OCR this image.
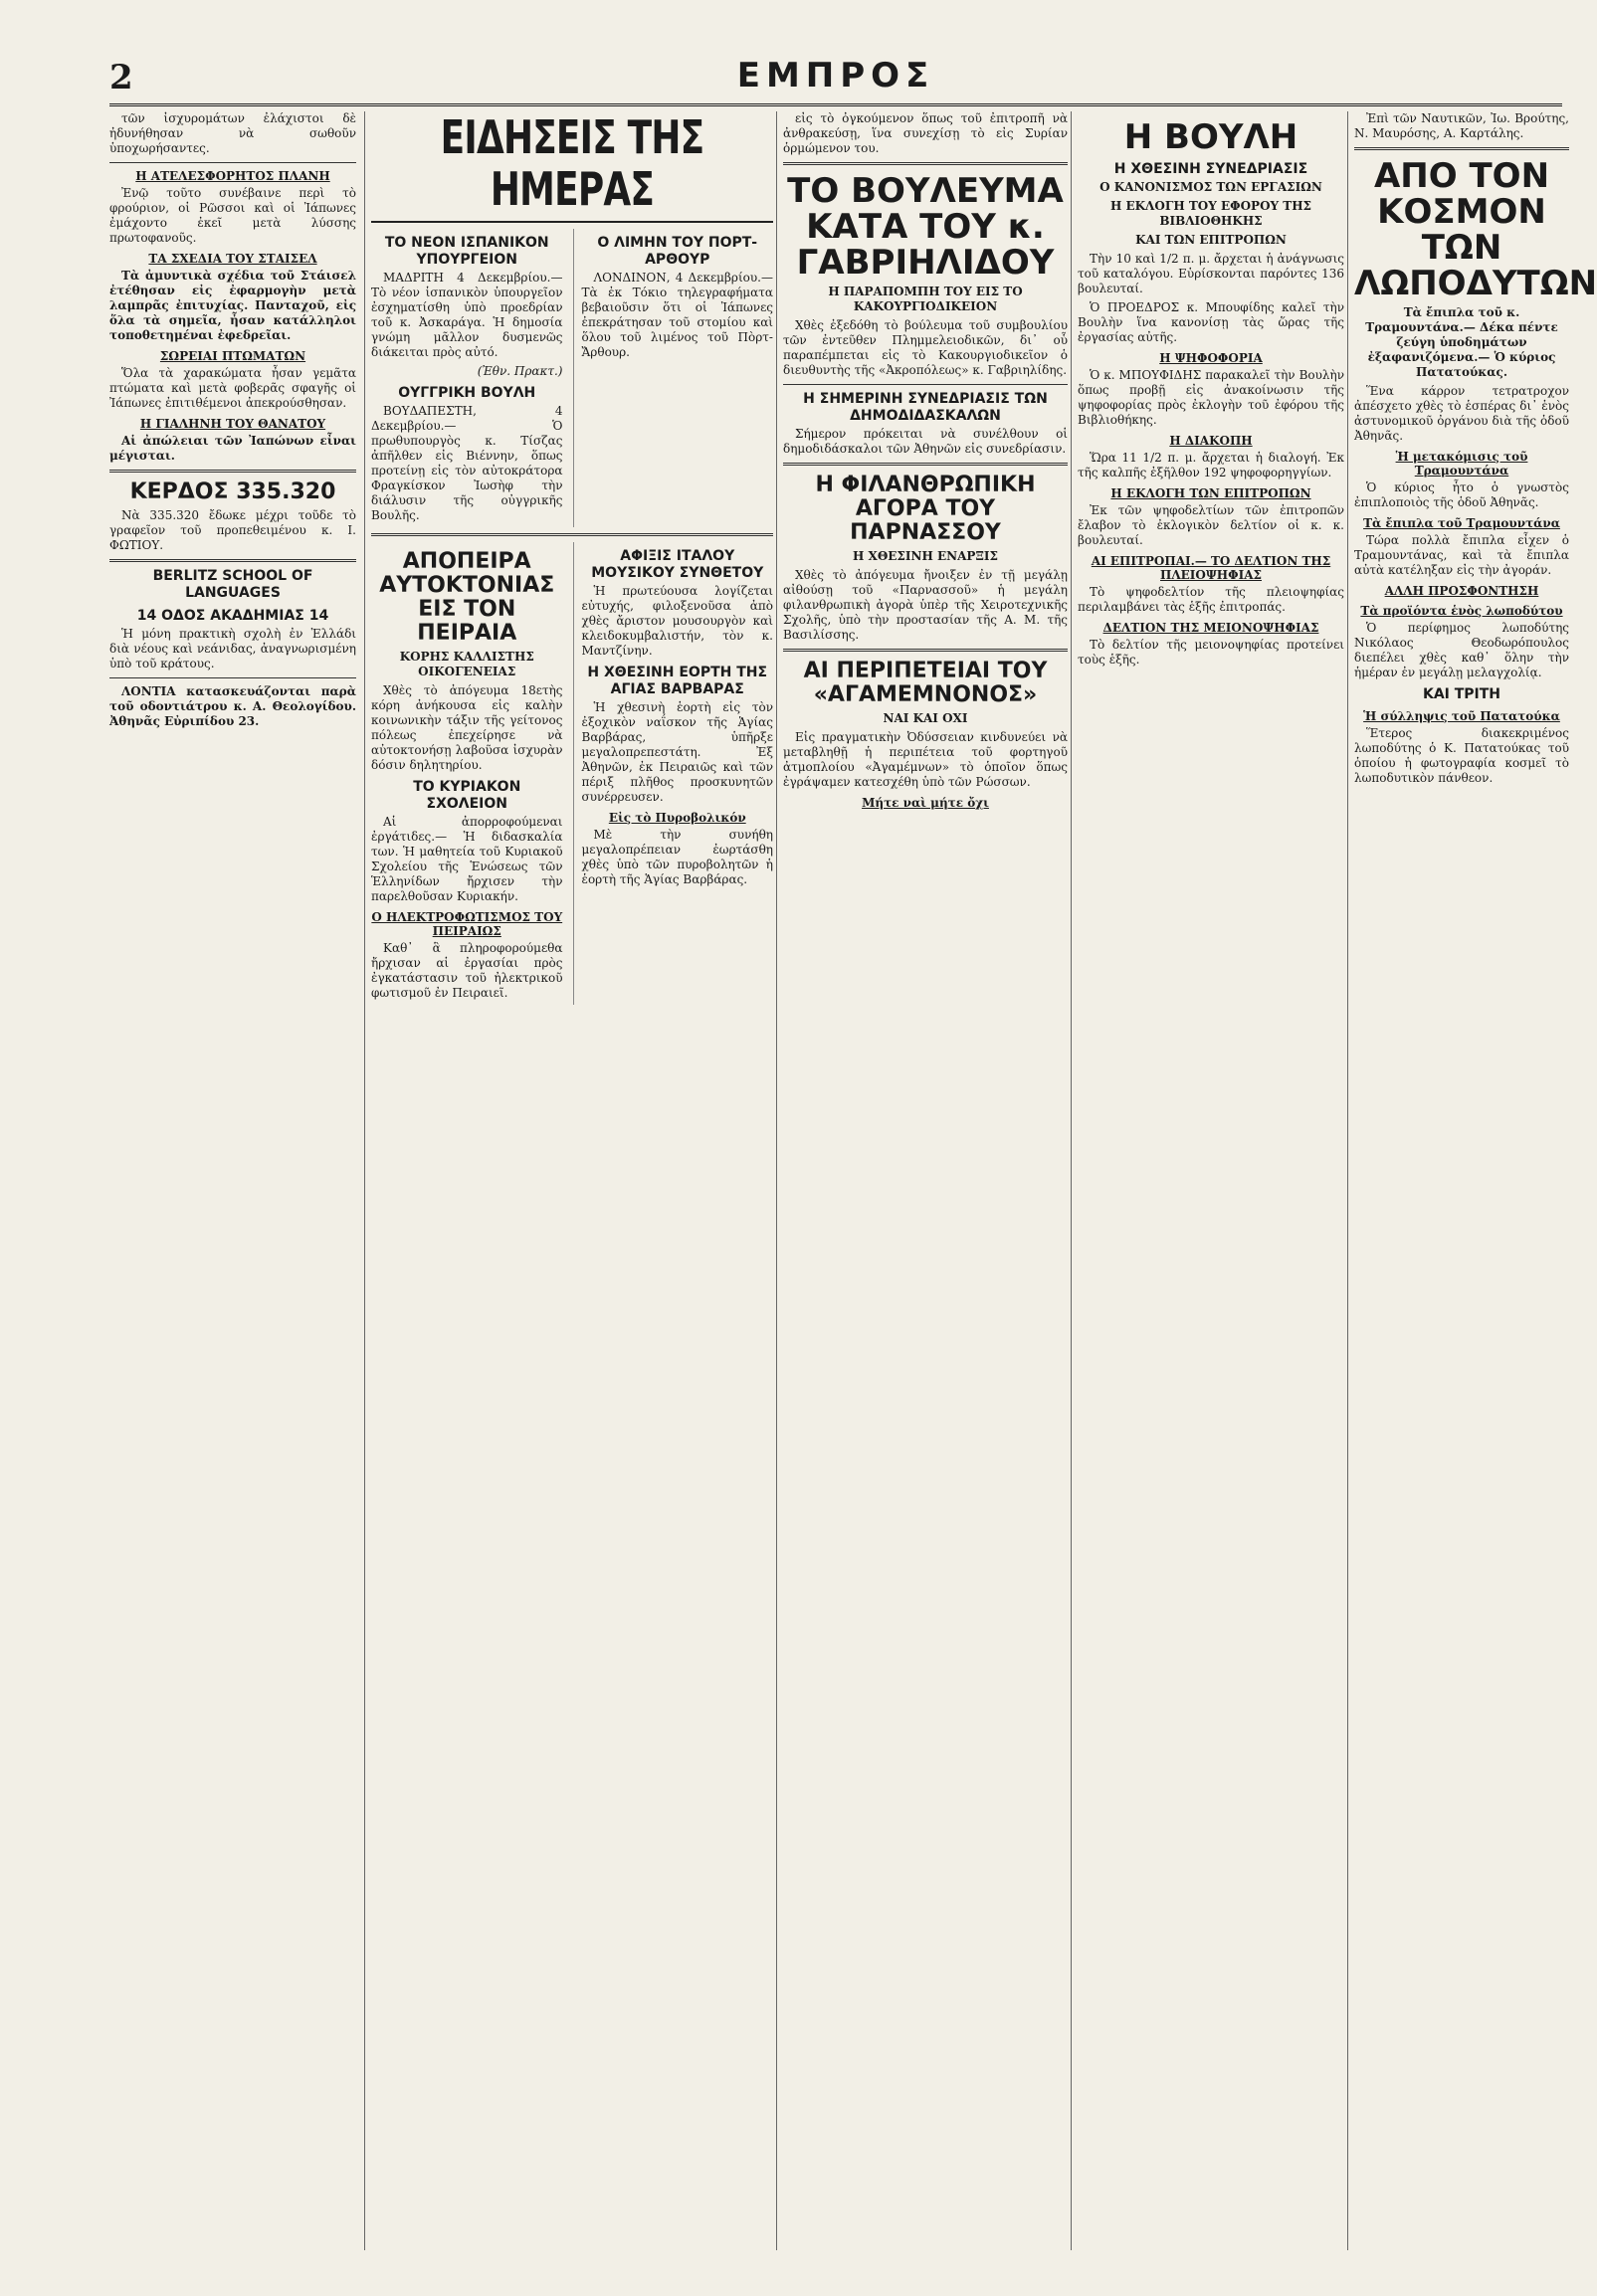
2	ΕΜΠΡΟΣ

τῶν ἰσχυρομάτων ἐλάχιστοι δὲ ἠδυνήθησαν νὰ σωθοῦν ὑποχωρήσαντες.

Η ΑΤΕΛΕΣΦΟΡΗΤΟΣ ΠΛΑΝΗ

Ἐνῷ τοῦτο συνέβαινε περὶ τὸ φρούριον, οἱ Ρῶσσοι καὶ οἱ Ἰάπωνες ἐμάχοντο ἐκεῖ μετὰ λύσσης πρωτοφανοῦς.

ΤΑ ΣΧΕΔΙΑ ΤΟΥ ΣΤΑΙΣΕΛ

Τὰ ἀμυντικὰ σχέδια τοῦ Στάισελ ἐτέθησαν εἰς ἐφαρμογὴν μετὰ λαμπρᾶς ἐπιτυχίας. Πανταχοῦ, εἰς ὅλα τὰ σημεῖα, ἦσαν κατάλληλοι τοποθετημέναι ἐφεδρεῖαι.

ΣΩΡΕΙΑΙ ΠΤΩΜΑΤΩΝ

Ὅλα τὰ χαρακώματα ἦσαν γεμᾶτα πτώματα καὶ μετὰ φοβερᾶς σφαγῆς οἱ Ἰάπωνες ἐπιτιθέμενοι ἀπεκρούσθησαν.

Η ΓΙΑΛΗΝΗ ΤΟΥ ΘΑΝΑΤΟΥ

Αἱ ἀπώλειαι τῶν Ἰαπώνων εἶναι μέγισται.

ΚΕΡΔΟΣ 335.320

Νὰ 335.320 ἔδωκε μέχρι τοῦδε τὸ γραφεῖον τοῦ προπεθειμένου κ. Ι. ΦΩΤΙΟΥ.

BERLITZ SCHOOL OF LANGUAGES
14 ΟΔΟΣ ΑΚΑΔΗΜΙΑΣ 14

Ἡ μόνη πρακτικὴ σχολὴ ἐν Ἑλλάδι διὰ νέους καὶ νεάνιδας, ἀναγνωρισμένη ὑπὸ τοῦ κράτους.

ΛΟΝΤΙΑ κατασκευάζονται παρὰ τοῦ οδοντιάτρου κ. Α. Θεολογίδου. Ἀθηνᾶς Εὐριπίδου 23.

ΕΙΔΗΣΕΙΣ ΤΗΣ ΗΜΕΡΑΣ
ΤΟ ΝΕΟΝ ΙΣΠΑΝΙΚΟΝ ΥΠΟΥΡΓΕΙΟΝ

ΜΑΔΡΙΤΗ 4 Δεκεμβρίου.— Τὸ νέον ἱσπανικὸν ὑπουργεῖον ἐσχηματίσθη ὑπὸ προεδρίαν τοῦ κ. Ἀσκαράγα. Ἡ δημοσία γνώμη μᾶλλον δυσμενῶς διάκειται πρὸς αὐτό.

(Ἐθν. Πρακτ.)

ΟΥΓΓΡΙΚΗ ΒΟΥΛΗ

ΒΟΥΔΑΠΕΣΤΗ, 4 Δεκεμβρίου.— Ὁ πρωθυπουργὸς κ. Τίσζας ἀπῆλθεν εἰς Βιέννην, ὅπως προτείνῃ εἰς τὸν αὐτοκράτορα Φραγκίσκον Ἰωσὴφ τὴν διάλυσιν τῆς οὐγγρικῆς Βουλῆς.

Ο ΛΙΜΗΝ ΤΟΥ ΠΟΡΤ-ΑΡΘΟΥΡ

ΛΟΝΔΙΝΟΝ, 4 Δεκεμβρίου.— Τὰ ἐκ Τόκιο τηλεγραφήματα βεβαιοῦσιν ὅτι οἱ Ἰάπωνες ἐπεκράτησαν τοῦ στομίου καὶ ὅλου τοῦ λιμένος τοῦ Πὸρτ-Ἄρθουρ.

ΑΠΟΠΕΙΡΑ ΑΥΤΟΚΤΟΝΙΑΣ ΕΙΣ ΤΟΝ ΠΕΙΡΑΙΑ
ΚΟΡΗΣ ΚΑΛΛΙΣΤΗΣ ΟΙΚΟΓΕΝΕΙΑΣ

Χθὲς τὸ ἀπόγευμα 18ετὴς κόρη ἀνήκουσα εἰς καλὴν κοινωνικὴν τάξιν τῆς γείτονος πόλεως ἐπεχείρησε νὰ αὐτοκτονήσῃ λαβοῦσα ἰσχυρὰν δόσιν δηλητηρίου.

ΤΟ ΚΥΡΙΑΚΟΝ ΣΧΟΛΕΙΟΝ

Αἱ ἀπορροφούμεναι ἐργάτιδες.— Ἡ διδασκαλία των. Ἡ μαθητεία τοῦ Κυριακοῦ Σχολείου τῆς Ἑνώσεως τῶν Ἑλληνίδων ἤρχισεν τὴν παρελθοῦσαν Κυριακήν.

Ο ΗΛΕΚΤΡΟΦΩΤΙΣΜΟΣ ΤΟΥ ΠΕΙΡΑΙΩΣ

Καθ᾽ ἃ πληροφορούμεθα ἤρχισαν αἱ ἐργασίαι πρὸς ἐγκατάστασιν τοῦ ἠλεκτρικοῦ φωτισμοῦ ἐν Πειραιεῖ.

ΑΦΙΞΙΣ ΙΤΑΛΟΥ ΜΟΥΣΙΚΟΥ ΣΥΝΘΕΤΟΥ

Ἡ πρωτεύουσα λογίζεται εὐτυχής, φιλοξενοῦσα ἀπὸ χθὲς ἄριστον μουσουργὸν καὶ κλειδοκυμβαλιστήν, τὸν κ. Μαντζίνην.

Η ΧΘΕΣΙΝΗ ΕΟΡΤΗ ΤΗΣ ΑΓΙΑΣ ΒΑΡΒΑΡΑΣ

Ἡ χθεσινὴ ἑορτὴ εἰς τὸν ἐξοχικὸν ναΐσκον τῆς Ἁγίας Βαρβάρας, ὑπῆρξε μεγαλοπρεπεστάτη. Ἐξ Ἀθηνῶν, ἐκ Πειραιῶς καὶ τῶν πέριξ πλῆθος προσκυνητῶν συνέρρευσεν.

Εἰς τὸ Πυροβολικόν

Μὲ τὴν συνήθη μεγαλοπρέπειαν ἐωρτάσθη χθὲς ὑπὸ τῶν πυροβολητῶν ἡ ἑορτὴ τῆς Ἁγίας Βαρβάρας.

εἰς τὸ ὀγκούμενον ὅπως τοῦ ἐπιτροπῆ νὰ ἀνθρακεύσῃ, ἵνα συνεχίσῃ τὸ εἰς Συρίαν ὁρμώμενον του.

ΤΟ ΒΟΥΛΕΥΜΑ ΚΑΤΑ ΤΟΥ κ. ΓΑΒΡΙΗΛΙΔΟΥ
Η ΠΑΡΑΠΟΜΠΗ ΤΟΥ ΕΙΣ ΤΟ ΚΑΚΟΥΡΓΙΟΔΙΚΕΙΟΝ

Χθὲς ἐξεδόθη τὸ βούλευμα τοῦ συμβουλίου τῶν ἐντεῦθεν Πλημμελειοδικῶν, δι᾽ οὗ παραπέμπεται εἰς τὸ Κακουργιοδικεῖον ὁ διευθυντὴς τῆς «Ἀκροπόλεως» κ. Γαβριηλίδης.

Η ΣΗΜΕΡΙΝΗ ΣΥΝΕΔΡΙΑΣΙΣ ΤΩΝ ΔΗΜΟΔΙΔΑΣΚΑΛΩΝ

Σήμερον πρόκειται νὰ συνέλθουν οἱ δημοδιδάσκαλοι τῶν Ἀθηνῶν εἰς συνεδρίασιν.

Η ΦΙΛΑΝΘΡΩΠΙΚΗ ΑΓΟΡΑ ΤΟΥ ΠΑΡΝΑΣΣΟΥ
Η ΧΘΕΣΙΝΗ ΕΝΑΡΞΙΣ

Χθὲς τὸ ἀπόγευμα ἤνοιξεν ἐν τῇ μεγάλῃ αἰθούσῃ τοῦ «Παρνασσοῦ» ἡ μεγάλη φιλανθρωπικὴ ἀγορὰ ὑπὲρ τῆς Χειροτεχνικῆς Σχολῆς, ὑπὸ τὴν προστασίαν τῆς Α. Μ. τῆς Βασιλίσσης.

ΑΙ ΠΕΡΙΠΕΤΕΙΑΙ ΤΟΥ «ΑΓΑΜΕΜΝΟΝΟΣ»
ΝΑΙ ΚΑΙ ΟΧΙ

Εἰς πραγματικὴν Ὀδύσσειαν κινδυνεύει νὰ μεταβληθῇ ἡ περιπέτεια τοῦ φορτηγοῦ ἀτμοπλοίου «Ἀγαμέμνων» τὸ ὁποῖον ὅπως ἐγράψαμεν κατεσχέθη ὑπὸ τῶν Ρώσσων.

Μήτε ναὶ μήτε ὄχι
Η ΒΟΥΛΗ
Η ΧΘΕΣΙΝΗ ΣΥΝΕΔΡΙΑΣΙΣ
Ο ΚΑΝΟΝΙΣΜΟΣ ΤΩΝ ΕΡΓΑΣΙΩΝ
Η ΕΚΛΟΓΗ ΤΟΥ ΕΦΟΡΟΥ ΤΗΣ ΒΙΒΛΙΟΘΗΚΗΣ
ΚΑΙ ΤΩΝ ΕΠΙΤΡΟΠΩΝ

Τὴν 10 καὶ 1/2 π. μ. ἄρχεται ἡ ἀνάγνωσις τοῦ καταλόγου. Εὑρίσκονται παρόντες 136 βουλευταί.

Ὁ ΠΡΟΕΔΡΟΣ κ. Μπουφίδης καλεῖ τὴν Βουλὴν ἵνα κανονίσῃ τὰς ὥρας τῆς ἐργασίας αὐτῆς.

Η ΨΗΦΟΦΟΡΙΑ

Ὁ κ. ΜΠΟΥΦΙΔΗΣ παρακαλεῖ τὴν Βουλὴν ὅπως προβῇ εἰς ἀνακοίνωσιν τῆς ψηφοφορίας πρὸς ἐκλογὴν τοῦ ἐφόρου τῆς Βιβλιοθήκης.

Η ΔΙΑΚΟΠΗ

Ὥρα 11 1/2 π. μ. ἄρχεται ἡ διαλογή. Ἐκ τῆς καλπῆς ἐξῆλθον 192 ψηφοφορηγγίων.

Η ΕΚΛΟΓΗ ΤΩΝ ΕΠΙΤΡΟΠΩΝ

Ἐκ τῶν ψηφοδελτίων τῶν ἐπιτροπῶν ἔλαβον τὸ ἐκλογικὸν δελτίον οἱ κ. κ. βουλευταί.

ΑΙ ΕΠΙΤΡΟΠΑΙ.— ΤΟ ΔΕΛΤΙΟΝ ΤΗΣ ΠΛΕΙΟΨΗΦΙΑΣ

Τὸ ψηφοδελτίον τῆς πλειοψηφίας περιλαμβάνει τὰς ἑξῆς ἐπιτροπάς.

ΔΕΛΤΙΟΝ ΤΗΣ ΜΕΙΟΝΟΨΗΦΙΑΣ

Τὸ δελτίον τῆς μειονοψηφίας προτείνει τοὺς ἑξῆς.

Ἐπὶ τῶν Ναυτικῶν, Ἰω. Βρούτης, Ν. Μαυρόσης, Α. Καρτάλης.

ΑΠΟ ΤΟΝ ΚΟΣΜΟΝ ΤΩΝ ΛΩΠΟΔΥΤΩΝ
Τὰ ἔπιπλα τοῦ κ. Τραμουντάνα.— Δέκα πέντε ζεύγη ὑποδημάτων ἐξαφανιζόμενα.— Ὁ κύριος Πατατούκας.

Ἕνα κάρρον τετρατροχον ἀπέσχετο χθὲς τὸ ἑσπέρας δι᾽ ἑνὸς ἀστυνομικοῦ ὀργάνου διὰ τῆς ὁδοῦ Ἀθηνᾶς.

Ἡ μετακόμισις τοῦ Τραμουντάνα

Ὁ κύριος ἦτο ὁ γνωστὸς ἐπιπλοποιὸς τῆς ὁδοῦ Ἀθηνᾶς.

Τὰ ἔπιπλα τοῦ Τραμουντάνα

Τώρα πολλὰ ἔπιπλα εἶχεν ὁ Τραμουντάνας, καὶ τὰ ἔπιπλα αὐτὰ κατέληξαν εἰς τὴν ἀγοράν.

ΑΛΛΗ ΠΡΟΣΦΟΝΤΗΣΗ
Τὰ προϊόντα ἑνὸς λωποδύτου

Ὁ περίφημος λωποδύτης Νικόλαος Θεοδωρόπουλος διεπέλει χθὲς καθ᾽ ὅλην τὴν ἡμέραν ἐν μεγάλῃ μελαγχολίᾳ.

ΚΑΙ ΤΡΙΤΗ
Ἡ σύλληψις τοῦ Πατατούκα

Ἕτερος διακεκριμένος λωποδύτης ὁ Κ. Πατατούκας τοῦ ὁποίου ἡ φωτογραφία κοσμεῖ τὸ λωποδυτικὸν πάνθεον.
